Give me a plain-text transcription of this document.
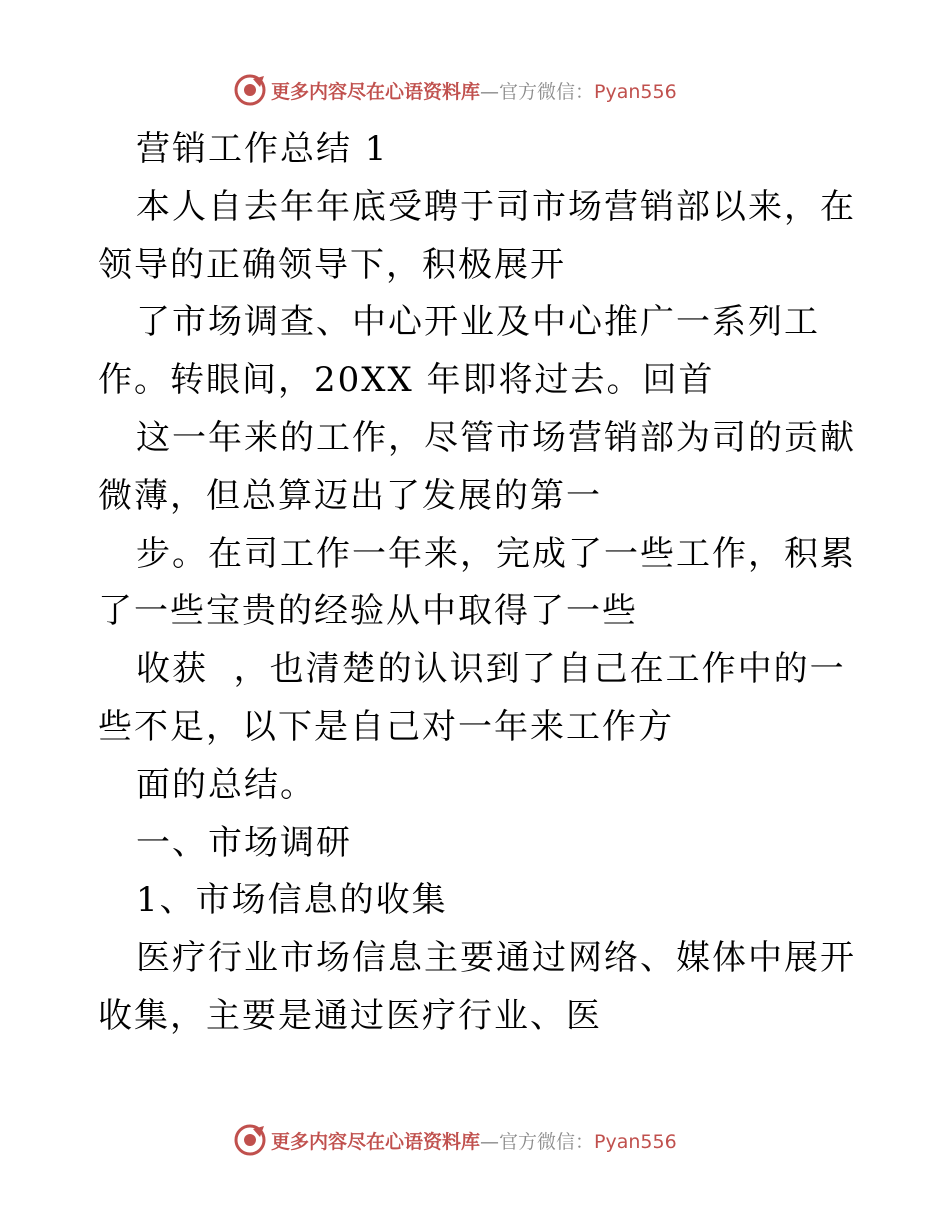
更多内容尽在心语资料库—官方微信：Pyan556

营销工作总结 1

本人自去年年底受聘于司市场营销部以来，在领导的正确领导下，积极展开

了市场调查、中心开业及中心推广一系列工作。转眼间，20XX 年即将过去。回首

这一年来的工作，尽管市场营销部为司的贡献微薄，但总算迈出了发展的第一

步。在司工作一年来，完成了一些工作，积累了一些宝贵的经验从中取得了一些

收获  ，也清楚的认识到了自己在工作中的一些不足，以下是自己对一年来工作方

面的总结。

一、市场调研

1、市场信息的收集

医疗行业市场信息主要通过网络、媒体中展开收集，主要是通过医疗行业、医

更多内容尽在心语资料库—官方微信：Pyan556
